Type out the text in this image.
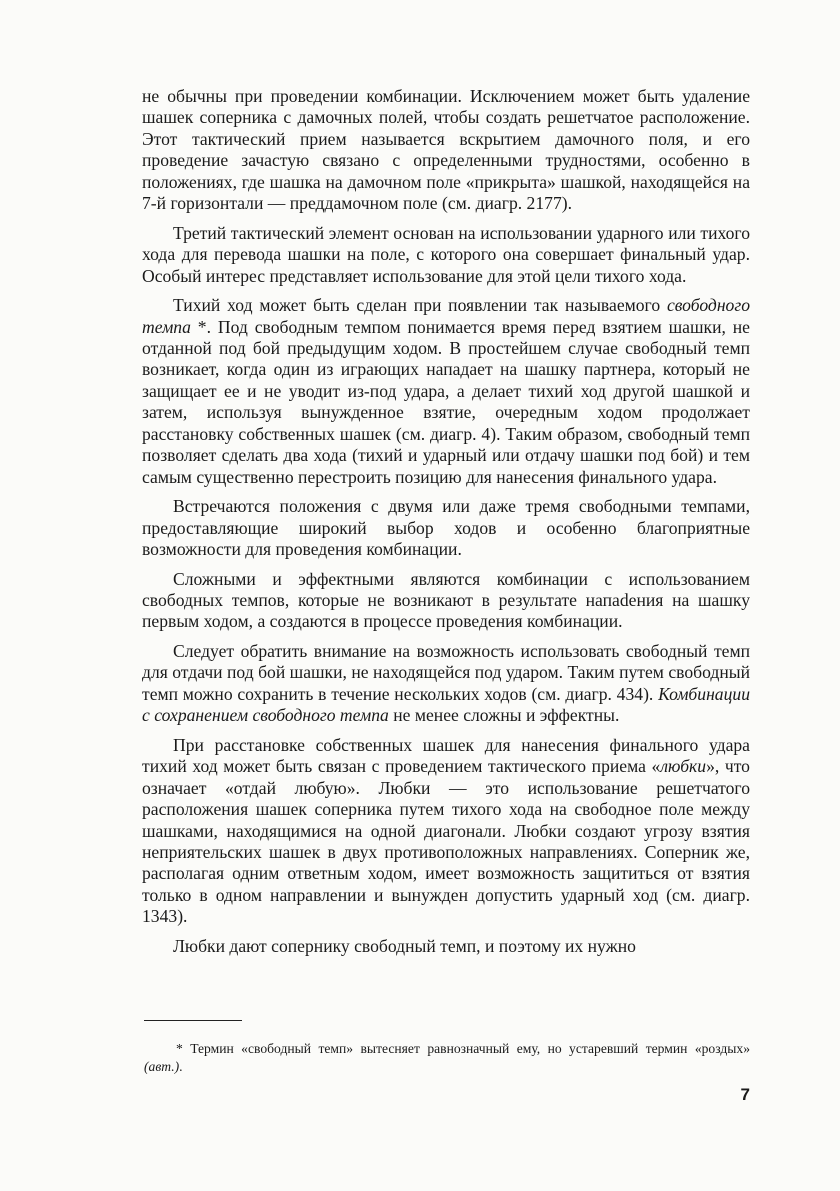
не обычны при проведении комбинации. Исключением может быть удаление шашек соперника с дамочных полей, чтобы создать решетчатое расположение. Этот тактический прием называется вскрытием дамочного поля, и его проведение зачастую связано с определенными трудностями, особенно в положениях, где шашка на дамочном поле «прикрыта» шашкой, находящейся на 7-й горизонтали — преддамочном поле (см. диагр. 2177).

Третий тактический элемент основан на использовании ударного или тихого хода для перевода шашки на поле, с которого она совершает финальный удар. Особый интерес представляет использование для этой цели тихого хода.

Тихий ход может быть сделан при появлении так называемого свободного темпа *. Под свободным темпом понимается время перед взятием шашки, не отданной под бой предыдущим ходом. В простейшем случае свободный темп возникает, когда один из играющих нападает на шашку партнера, который не защищает ее и не уводит из-под удара, а делает тихий ход другой шашкой и затем, используя вынужденное взятие, очередным ходом продолжает расстановку собственных шашек (см. диагр. 4). Таким образом, свободный темп позволяет сделать два хода (тихий и ударный или отдачу шашки под бой) и тем самым существенно перестроить позицию для нанесения финального удара.

Встречаются положения с двумя или даже тремя свободными темпами, предоставляющие широкий выбор ходов и особенно благоприятные возможности для проведения комбинации.

Сложными и эффектными являются комбинации с использованием свободных темпов, которые не возникают в результате напаdения на шашку первым ходом, а создаются в процессе проведения комбинации.

Следует обратить внимание на возможность использовать свободный темп для отдачи под бой шашки, не находящейся под ударом. Таким путем свободный темп можно сохранить в течение нескольких ходов (см. диагр. 434). Комбинации с сохранением свободного темпа не менее сложны и эффектны.

При расстановке собственных шашек для нанесения финального удара тихий ход может быть связан с проведением тактического приема «любки», что означает «отдай любую». Любки — это использование решетчатого расположения шашек соперника путем тихого хода на свободное поле между шашками, находящимися на одной диагонали. Любки создают угрозу взятия неприятельских шашек в двух противоположных направлениях. Соперник же, располагая одним ответным ходом, имеет возможность защититься от взятия только в одном направлении и вынужден допустить ударный ход (см. диагр. 1343).

Любки дают сопернику свободный темп, и поэтому их нужно

* Термин «свободный темп» вытесняет равнозначный ему, но устаревший термин «роздых» (авт.).
7
